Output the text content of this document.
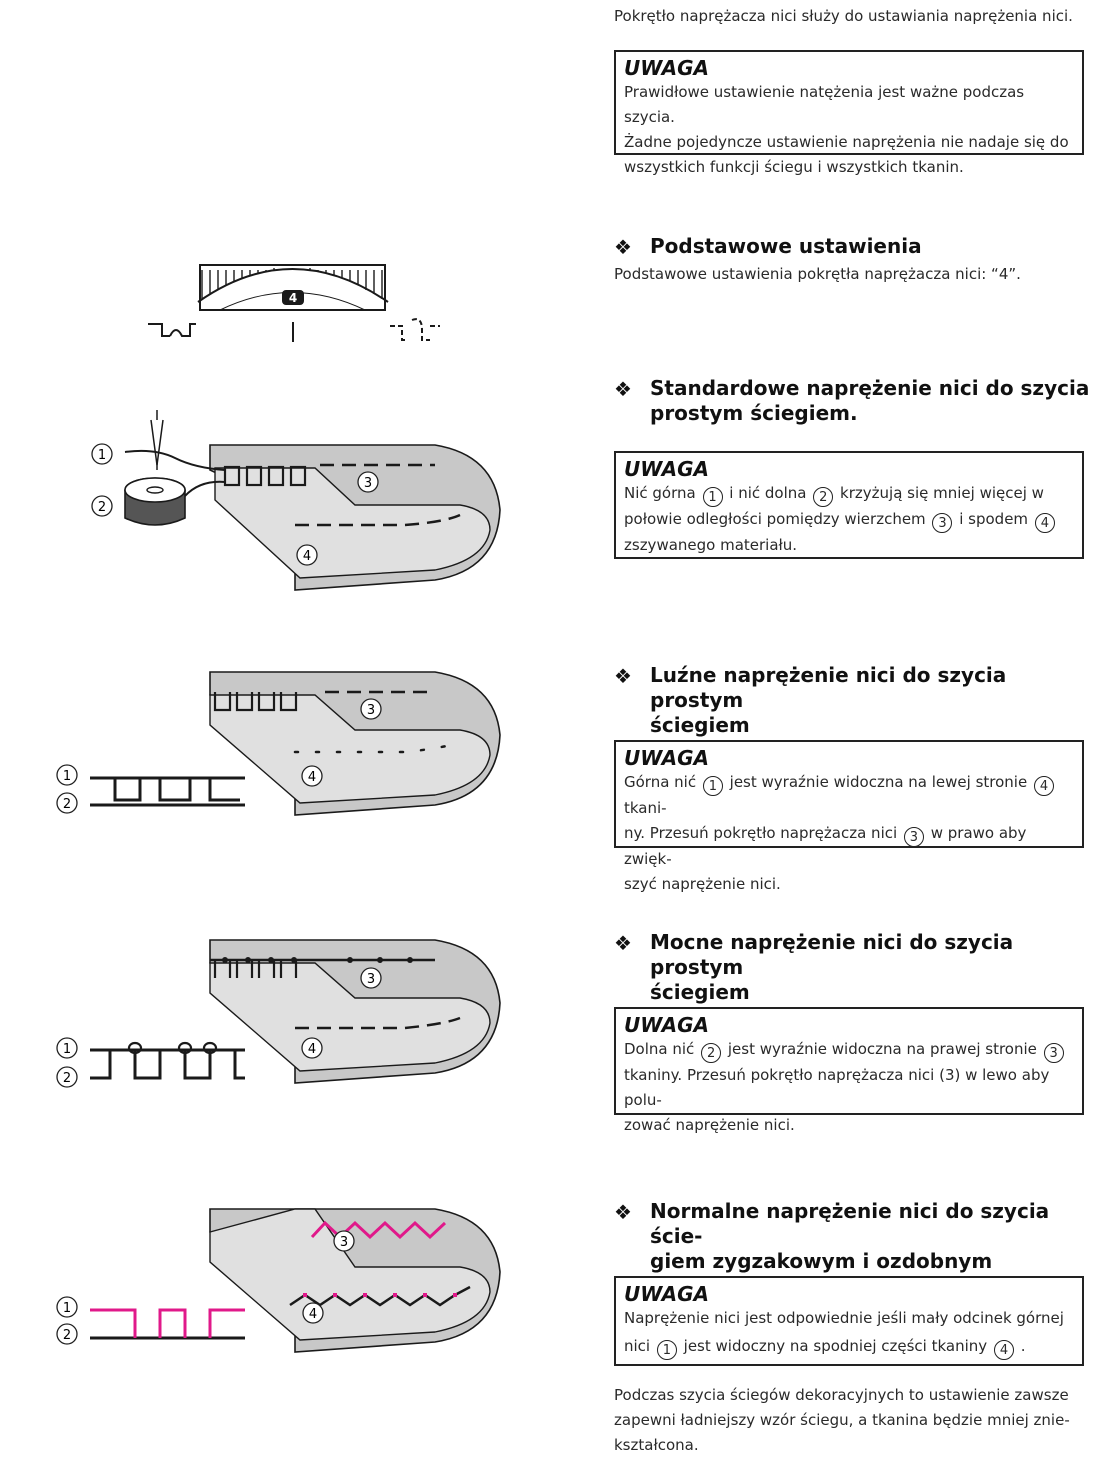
Pokrętło naprężacza nici służy do ustawiania naprężenia nici.
UWAGA
Prawidłowe ustawienie natężenia jest ważne podczas szycia.
Żadne pojedyncze ustawienie naprężenia nie nadaje się do
wszystkich funkcji ściegu i wszystkich tkanin.
❖ Podstawowe ustawienia
Podstawowe ustawienia pokrętła naprężacza nici: “4”.
4
❖ Standardowe naprężenie nici do szycia
prostym ściegiem.
UWAGA
Nić górna 1 i nić dolna 2 krzyżują się mniej więcej w
połowie odległości pomiędzy wierzchem 3 i spodem 4
zszywanego materiału.
1
2
3
4
❖ Luźne naprężenie nici do szycia prostym
ściegiem
UWAGA
Górna nić 1 jest wyraźnie widoczna na lewej stronie 4 tkani-
ny. Przesuń pokrętło naprężacza nici 3 w prawo aby zwięk-
szyć naprężenie nici.
1
2
3
4
❖ Mocne naprężenie nici do szycia prostym
ściegiem
UWAGA
Dolna nić 2 jest wyraźnie widoczna na prawej stronie 3
tkaniny. Przesuń pokrętło naprężacza nici (3) w lewo aby polu-
zować naprężenie nici.
1
2
3
4
❖ Normalne naprężenie nici do szycia ście-
giem zygzakowym i ozdobnym
UWAGA
Naprężenie nici jest odpowiednie jeśli mały odcinek górnej
nici 1 jest widoczny na spodniej części tkaniny 4 .
Podczas szycia ściegów dekoracyjnych to ustawienie zawsze
zapewni ładniejszy wzór ściegu, a tkanina będzie mniej znie-
kształcona.
1
2
3
4
